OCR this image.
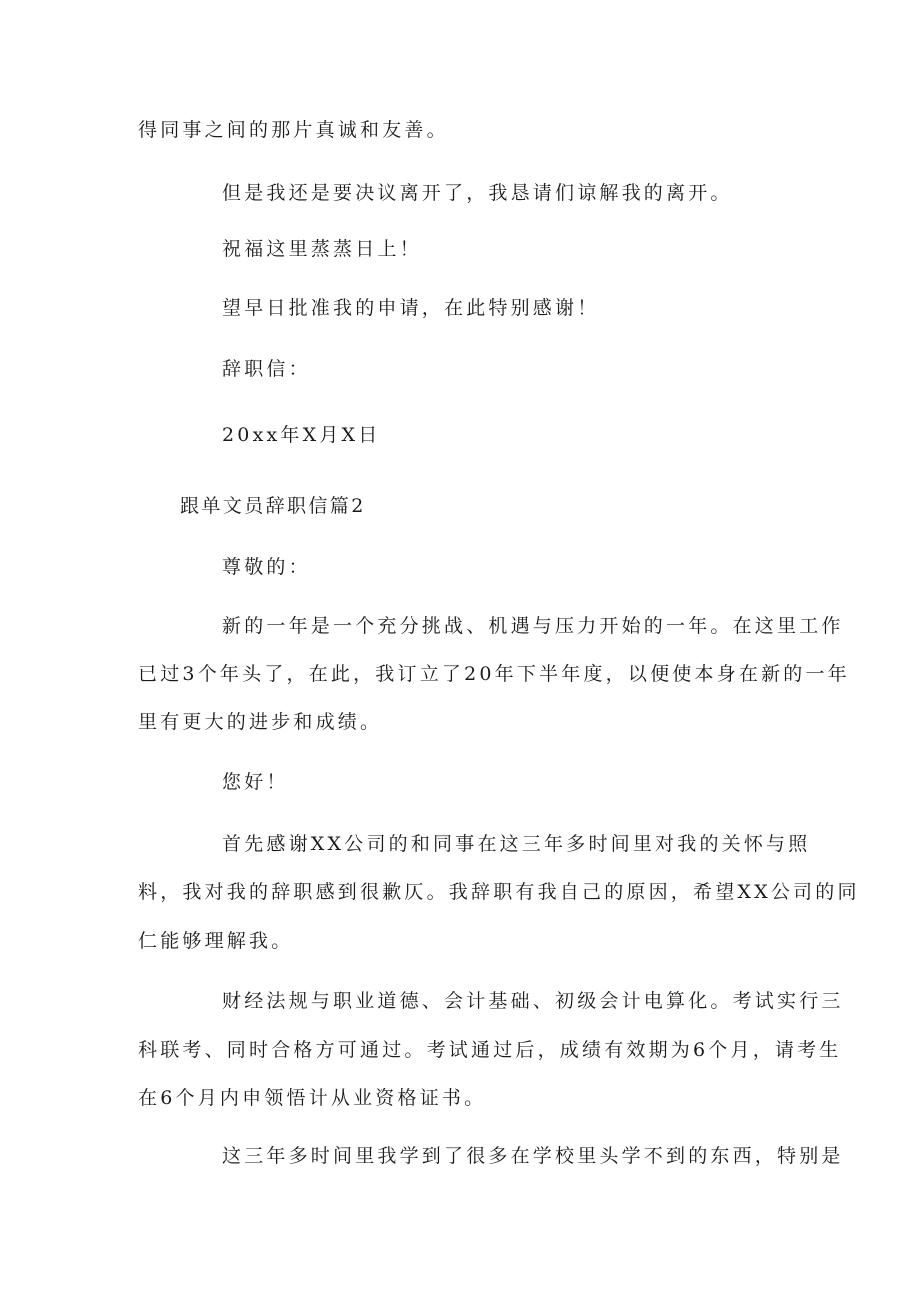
得同事之间的那片真诚和友善。
但是我还是要决议离开了，我恳请们谅解我的离开。
祝福这里蒸蒸日上！
望早日批准我的申请，在此特别感谢！
辞职信：
20xx年X月X日
跟单文员辞职信篇2
尊敬的：
新的一年是一个充分挑战、机遇与压力开始的一年。在这里工作
已过3个年头了，在此，我订立了20年下半年度，以便使本身在新的一年
里有更大的进步和成绩。
您好！
首先感谢XX公司的和同事在这三年多时间里对我的关怀与照
料，我对我的辞职感到很歉仄。我辞职有我自己的原因，希望XX公司的同
仁能够理解我。
财经法规与职业道德、会计基础、初级会计电算化。考试实行三
科联考、同时合格方可通过。考试通过后，成绩有效期为6个月，请考生
在6个月内申领悟计从业资格证书。
这三年多时间里我学到了很多在学校里头学不到的东西，特别是
